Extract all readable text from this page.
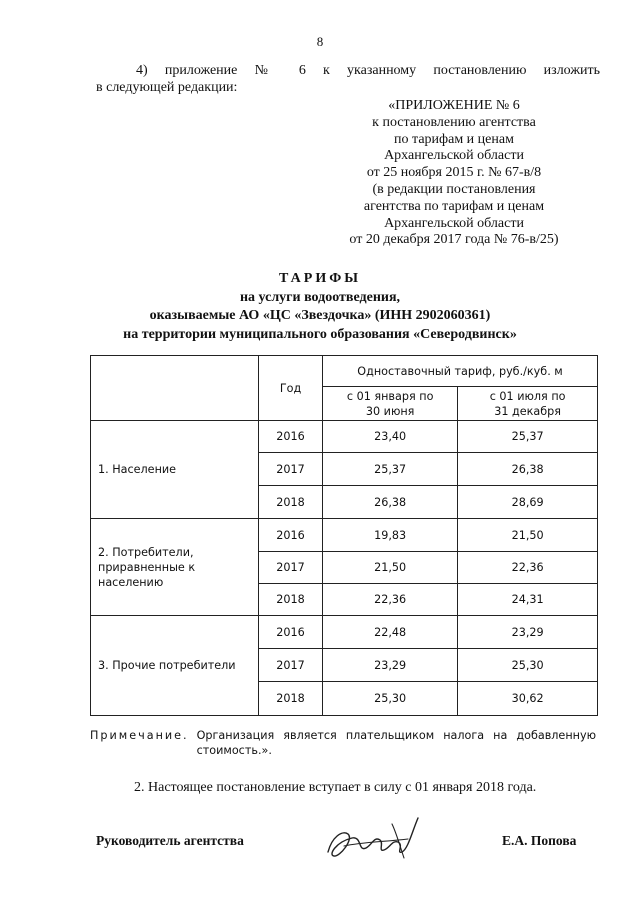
8
4) приложение № 6 к указанному постановлению изложить
в следующей редакции:
«ПРИЛОЖЕНИЕ № 6
к постановлению агентства
по тарифам и ценам
Архангельской области
от 25 ноября 2015 г. № 67-в/8
(в редакции постановления
агентства по тарифам и ценам
Архангельской области
от 20 декабря 2017 года № 76-в/25)
ТАРИФЫ
на услуги водоотведения,
оказываемые АО «ЦС «Звездочка» (ИНН 2902060361)
на территории муниципального образования «Северодвинск»
	Год	Одноставочный тариф, руб./куб. м	

		с 01 января по 30 июня	с 01 июля по 31 декабря

1. Население	2016	23,40	25,37
	2017	25,37	26,38
	2018	26,38	28,69

2. Потребители, приравненные к населению	2016	19,83	21,50
	2017	21,50	22,36
	2018	22,36	24,31
3. Прочие потребители	2016	22,48	23,29
	2017	23,29	25,30
	2018	25,30	30,62
Примечание. Организация является плательщиком налога на добавленную стоимость.».
2. Настоящее постановление вступает в силу с 01 января 2018 года.
Руководитель агентства	Е.А. Попова
